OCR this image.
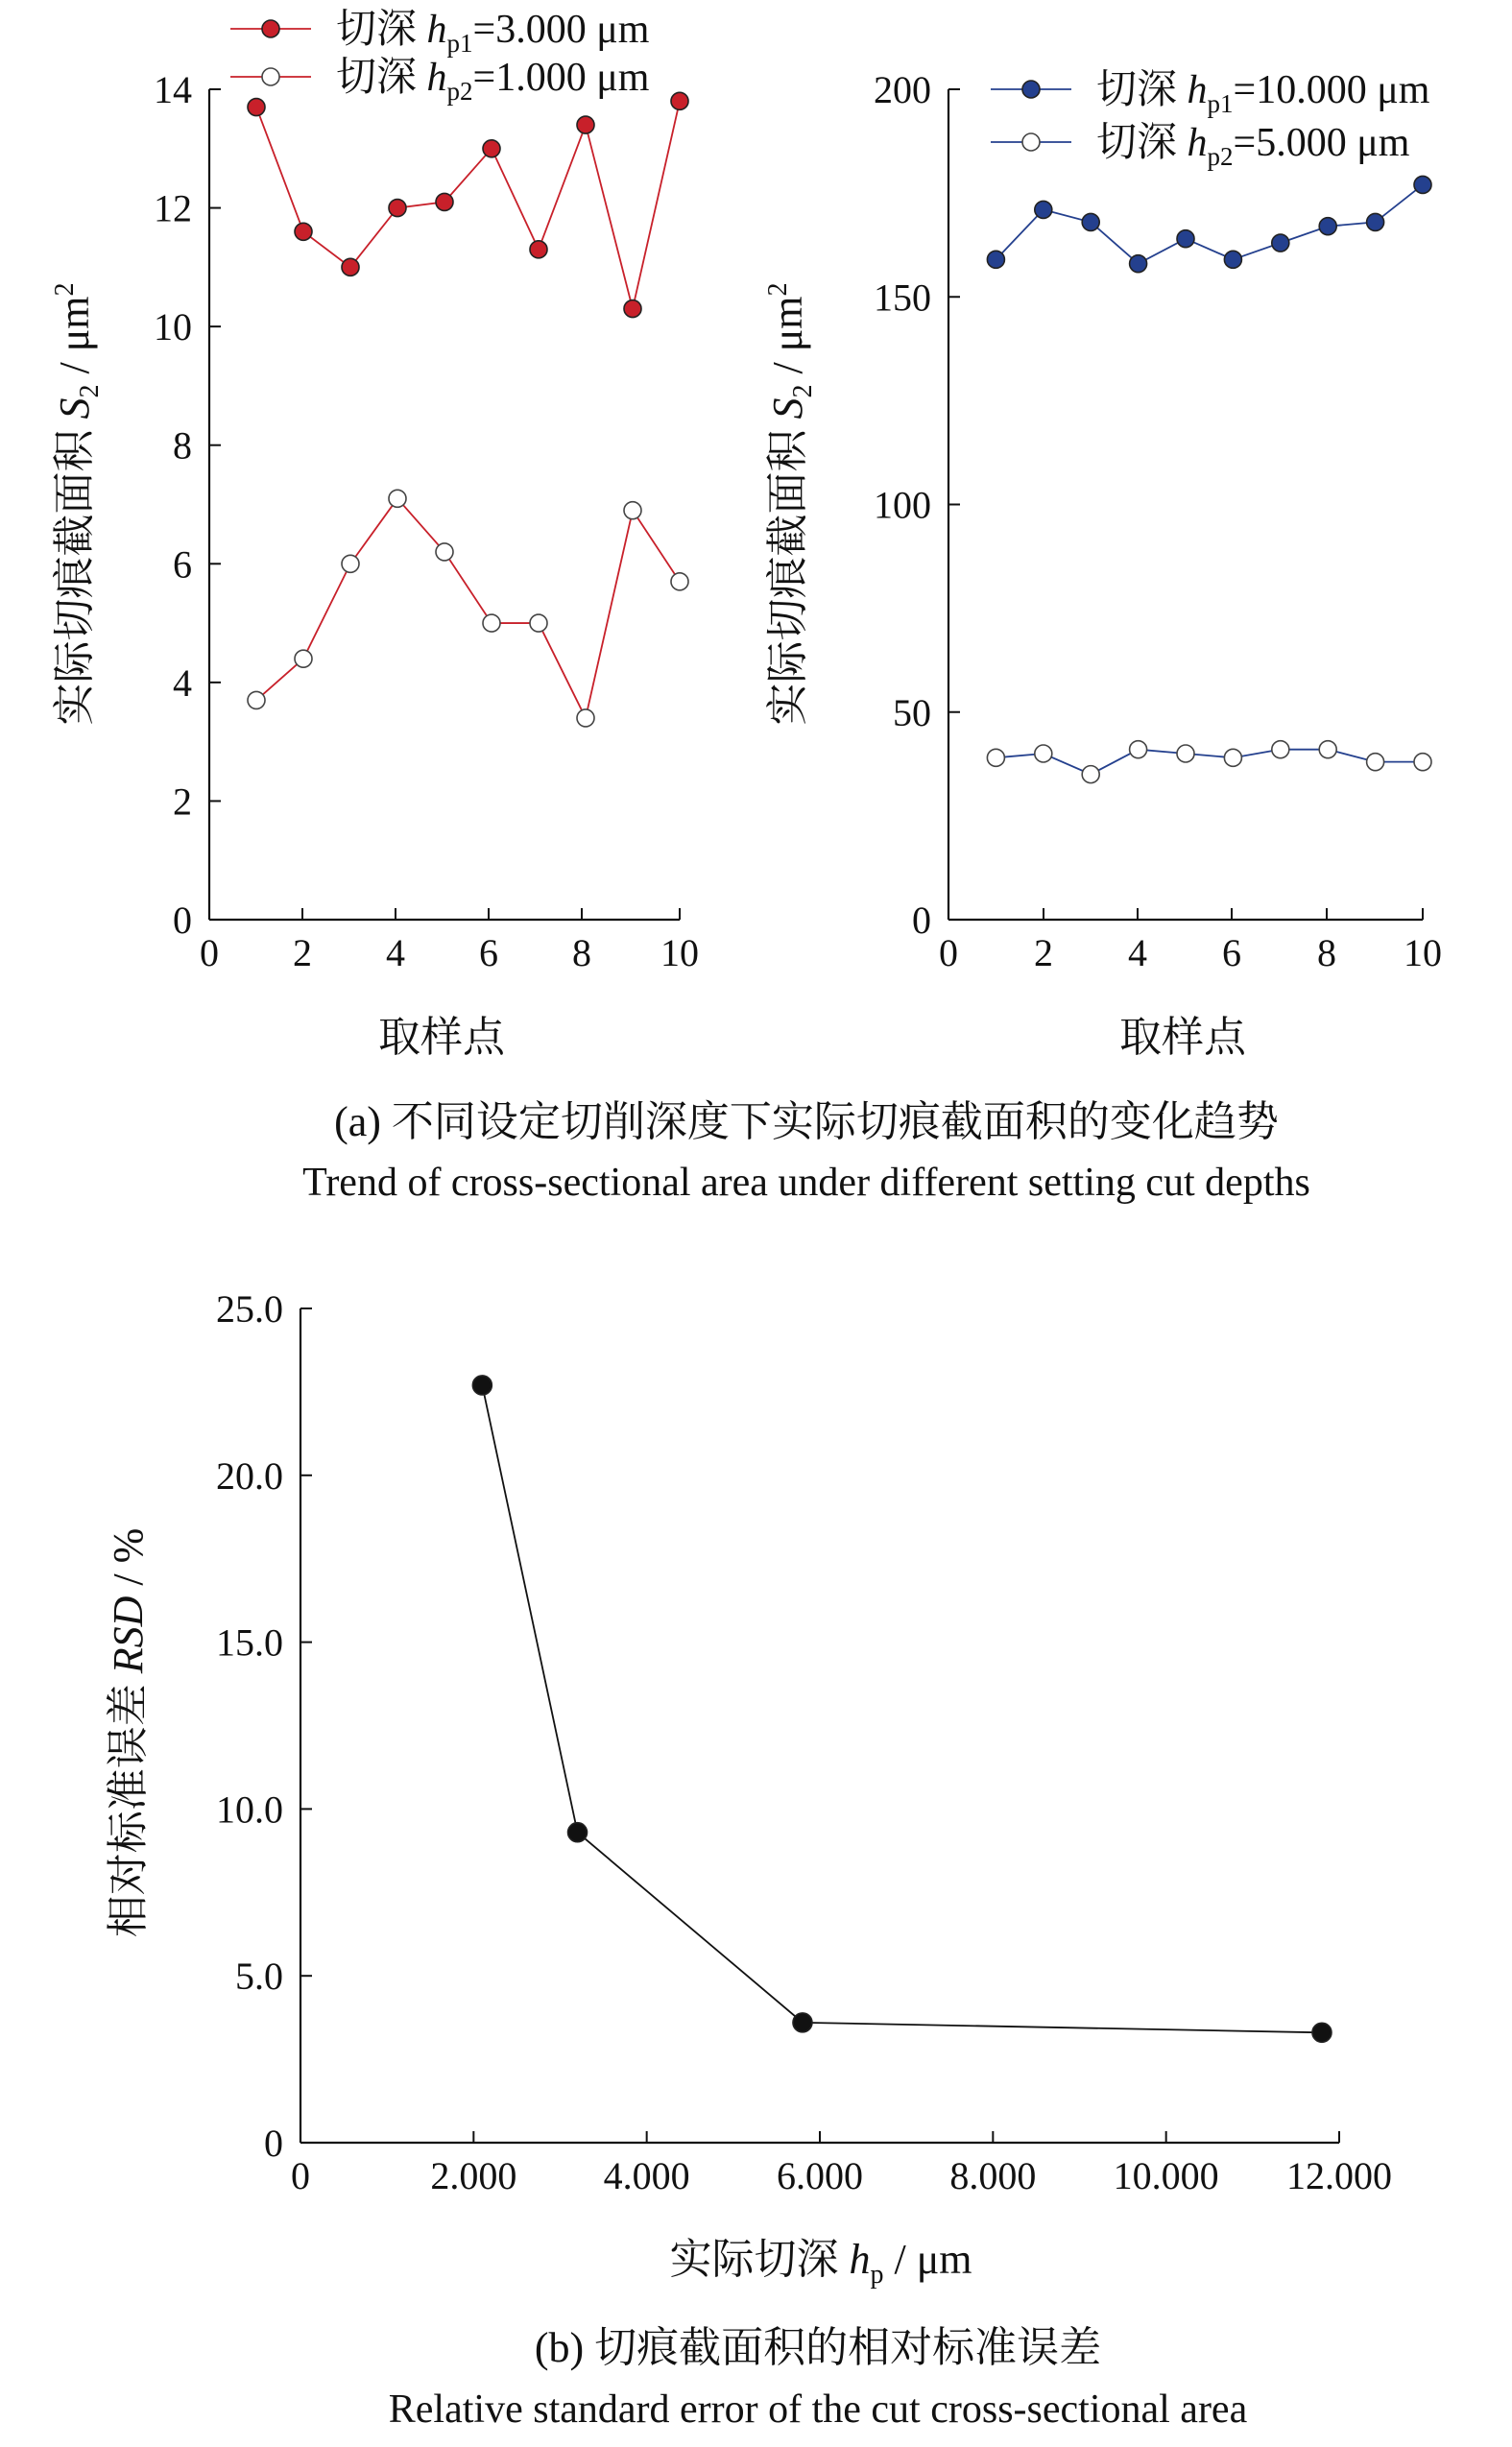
0
2
4
6
8
10
12
14
0 2 4 6 8 10
取样点
实际切痕截面积 $S_2 / \mu m^2$
切深 $h_{p1}=3.000$ μm
切深 $h_{p2}=1.000$ μm
0
50
100
150
200
0 2 4 6 8 10
取样点
实际切痕截面积 $S_2 / \mu m^2$
切深 $h_{p1}=10.000$ μm
切深 $h_{p2}=5.000$ μm
0
5.0
10.0
15.0
20.0
25.0
0	2.000 4.000 6.000 8.000 10.000 12.000
实际切深 $h_p$ / μm
相对标准误差 RSD / %
(a) 不同设定切削深度下实际切痕截面积的变化趋势
Trend of cross-sectional area under different setting cut depths
(b) 切痕截面积的相对标准误差
Relative standard error of the cut cross-sectional area
